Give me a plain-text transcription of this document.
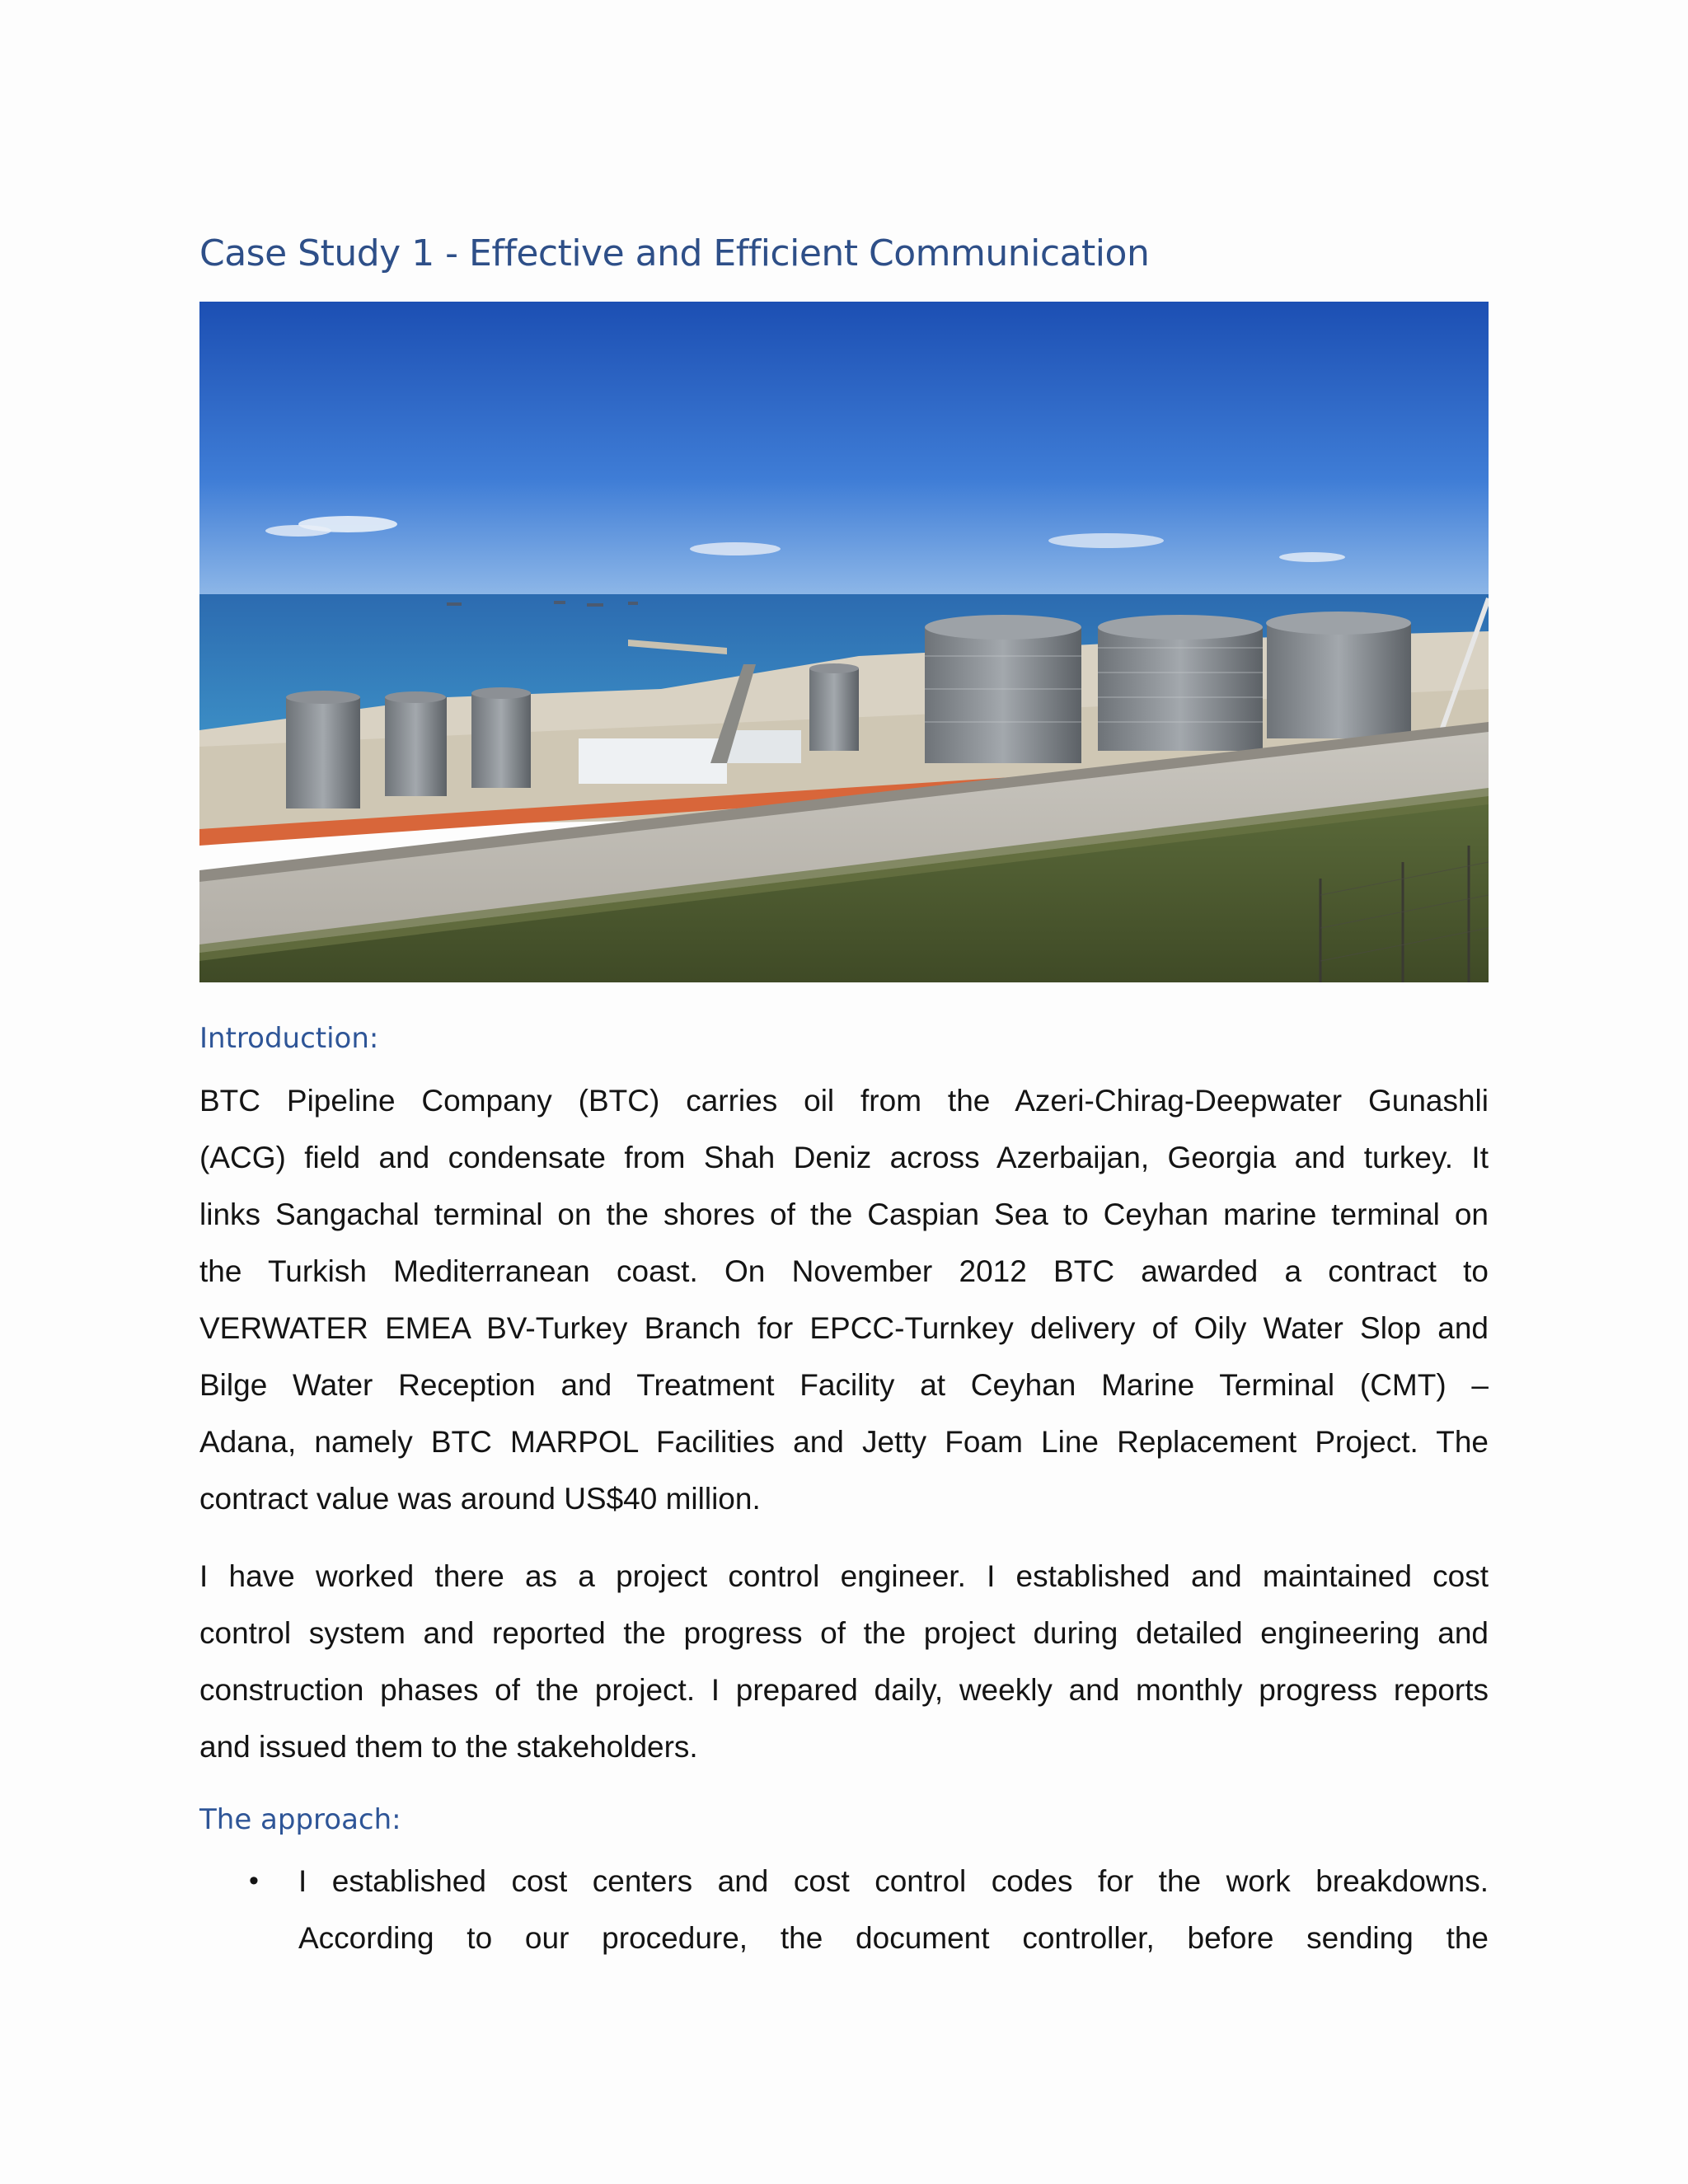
Case Study 1 - Effective and Efficient Communication
Introduction:
BTC Pipeline Company (BTC) carries oil from the Azeri-Chirag-Deepwater Gunashli
(ACG) field and condensate from Shah Deniz across Azerbaijan, Georgia and turkey. It
links Sangachal terminal on the shores of the Caspian Sea to Ceyhan marine terminal on
the Turkish Mediterranean coast. On November 2012 BTC awarded a contract to
VERWATER EMEA BV-Turkey Branch for EPCC-Turnkey delivery of Oily Water Slop and
Bilge Water Reception and Treatment Facility at Ceyhan Marine Terminal (CMT) –
Adana, namely BTC MARPOL Facilities and Jetty Foam Line Replacement Project. The
contract value was around US$40 million.
I have worked there as a project control engineer. I established and maintained cost
control system and reported the progress of the project during detailed engineering and
construction phases of the project. I prepared daily, weekly and monthly progress reports
and issued them to the stakeholders.
The approach:
• I established cost centers and cost control codes for the work breakdowns.
According to our procedure, the document controller, before sending the
